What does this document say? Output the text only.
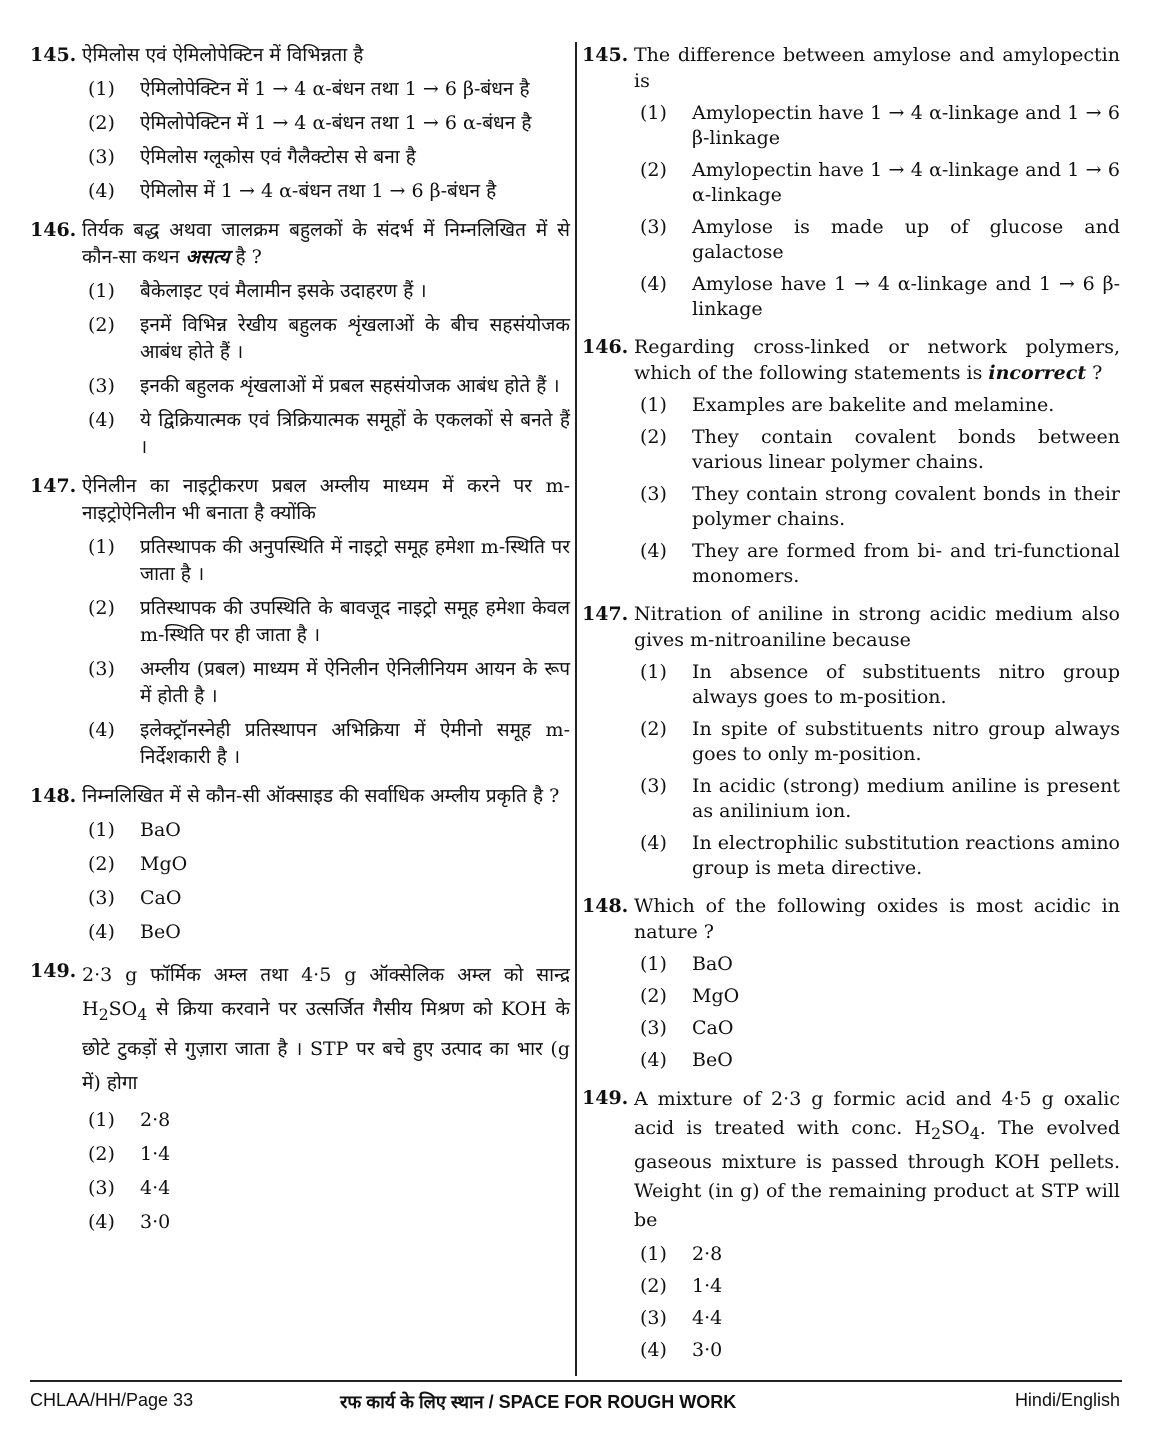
145. ऐमिलोस एवं ऐमिलोपेक्टिन में विभिन्नता है
(1)	ऐमिलोपेक्टिन में 1 → 4 α-बंधन तथा 1 → 6 β-बंधन है
(2)	ऐमिलोपेक्टिन में 1 → 4 α-बंधन तथा 1 → 6 α-बंधन है
(3)	ऐमिलोस ग्लूकोस एवं गैलैक्टोस से बना है
(4)	ऐमिलोस में 1 → 4 α-बंधन तथा 1 → 6 β-बंधन है
146. तिर्यक बद्ध अथवा जालक्रम बहुलकों के संदर्भ में निम्नलिखित में से कौन-सा कथन असत्य है ?
(1)	बैकेलाइट एवं मैलामीन इसके उदाहरण हैं ।
(2)	इनमें विभिन्न रेखीय बहुलक शृंखलाओं के बीच सहसंयोजक आबंध होते हैं ।
(3)	इनकी बहुलक शृंखलाओं में प्रबल सहसंयोजक आबंध होते हैं ।
(4)	ये द्विक्रियात्मक एवं त्रिक्रियात्मक समूहों के एकलकों से बनते हैं ।
147. ऐनिलीन का नाइट्रीकरण प्रबल अम्लीय माध्यम में करने पर m-नाइट्रोऐनिलीन भी बनाता है क्योंकि
(1)	प्रतिस्थापक की अनुपस्थिति में नाइट्रो समूह हमेशा m-स्थिति पर जाता है ।
(2)	प्रतिस्थापक की उपस्थिति के बावजूद नाइट्रो समूह हमेशा केवल m-स्थिति पर ही जाता है ।
(3)	अम्लीय (प्रबल) माध्यम में ऐनिलीन ऐनिलीनियम आयन के रूप में होती है ।
(4)	इलेक्ट्रॉनस्नेही प्रतिस्थापन अभिक्रिया में ऐमीनो समूह m-निर्देशकारी है ।
148. निम्नलिखित में से कौन-सी ऑक्साइड की सर्वाधिक अम्लीय प्रकृति है ?
(1)	BaO
(2)	MgO
(3)	CaO
(4)	BeO
149. 2·3 g फॉर्मिक अम्ल तथा 4·5 g ऑक्सेलिक अम्ल को सान्द्र $H_2SO_4$ से क्रिया करवाने पर उत्सर्जित गैसीय मिश्रण को KOH के छोटे टुकड़ों से गुज़ारा जाता है । STP पर बचे हुए उत्पाद का भार (g में) होगा
(1)	2·8
(2)	1·4
(3)	4·4
(4)	3·0
145. The difference between amylose and amylopectin is
(1)	Amylopectin have 1 → 4 α-linkage and 1 → 6 β-linkage
(2)	Amylopectin have 1 → 4 α-linkage and 1 → 6 α-linkage
(3)	Amylose is made up of glucose and galactose
(4)	Amylose have 1 → 4 α-linkage and 1 → 6 β-linkage
146. Regarding cross-linked or network polymers, which of the following statements is incorrect ?
(1)	Examples are bakelite and melamine.
(2)	They contain covalent bonds between various linear polymer chains.
(3)	They contain strong covalent bonds in their polymer chains.
(4)	They are formed from bi- and tri-functional monomers.
147. Nitration of aniline in strong acidic medium also gives m-nitroaniline because
(1)	In absence of substituents nitro group always goes to m-position.
(2)	In spite of substituents nitro group always goes to only m-position.
(3)	In acidic (strong) medium aniline is present as anilinium ion.
(4)	In electrophilic substitution reactions amino group is meta directive.
148. Which of the following oxides is most acidic in nature ?
(1)	BaO
(2)	MgO
(3)	CaO
(4)	BeO
149. A mixture of 2·3 g formic acid and 4·5 g oxalic acid is treated with conc. $H_2SO_4$. The evolved gaseous mixture is passed through KOH pellets. Weight (in g) of the remaining product at STP will be
(1)	2·8
(2)	1·4
(3)	4·4
(4)	3·0
CHLAA/HH/Page 33	रफ कार्य के लिए स्थान / SPACE FOR ROUGH WORK	Hindi/English
